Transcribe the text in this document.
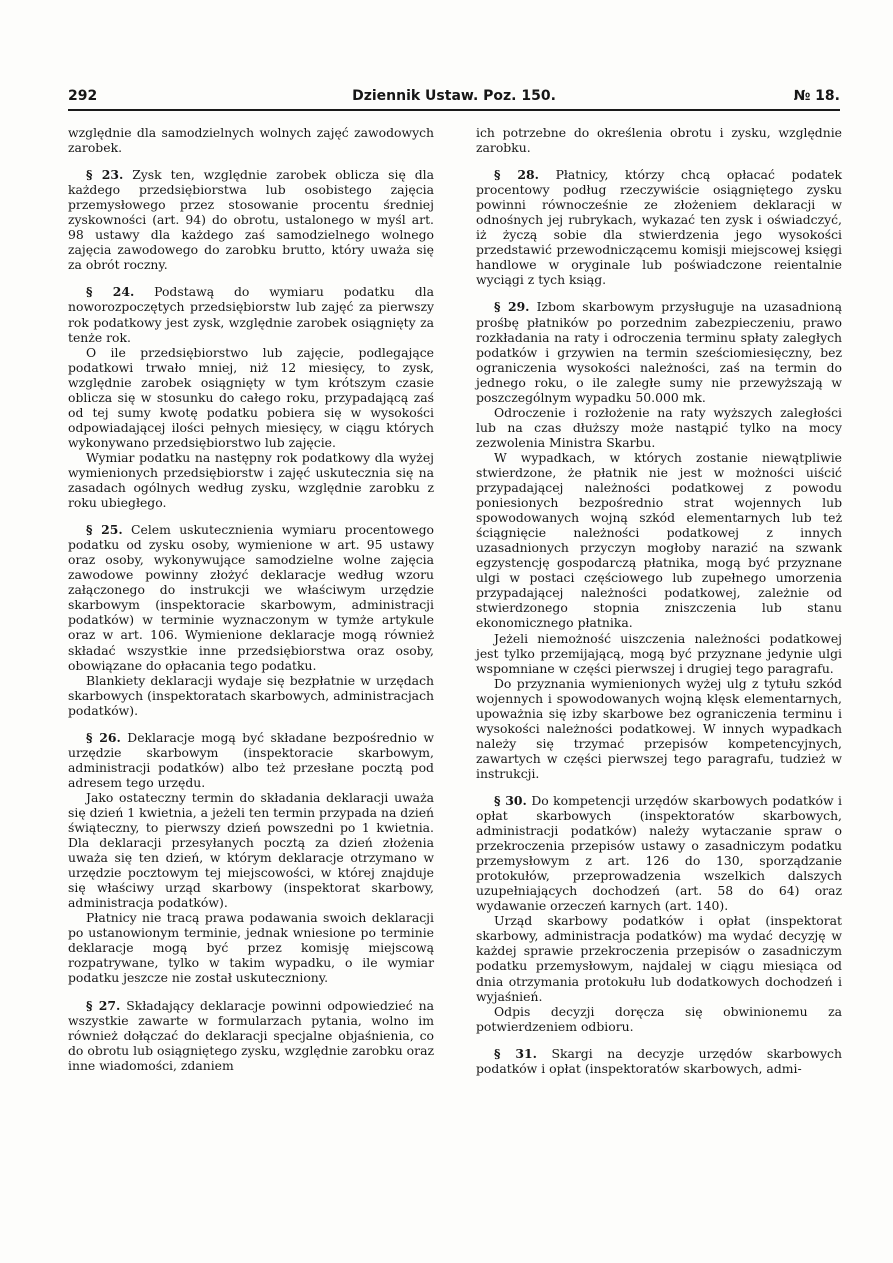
292	Dziennik Ustaw. Poz. 150.	№ 18.

względnie dla samodzielnych wolnych zajęć zawodowych zarobek.

§ 23. Zysk ten, względnie zarobek oblicza się dla każdego przedsiębiorstwa lub osobistego zajęcia przemysłowego przez stosowanie procentu średniej zyskowności (art. 94) do obrotu, ustalonego w myśl art. 98 ustawy dla każdego zaś samodzielnego wolnego zajęcia zawodowego do zarobku brutto, który uważa się za obrót roczny.

§ 24. Podstawą do wymiaru podatku dla noworozpoczętych przedsiębiorstw lub zajęć za pierwszy rok podatkowy jest zysk, względnie zarobek osiągnięty za tenże rok.

O ile przedsiębiorstwo lub zajęcie, podlegające podatkowi trwało mniej, niż 12 miesięcy, to zysk, względnie zarobek osiągnięty w tym krótszym czasie oblicza się w stosunku do całego roku, przypadającą zaś od tej sumy kwotę podatku pobiera się w wysokości odpowiadającej ilości pełnych miesięcy, w ciągu których wykonywano przedsiębiorstwo lub zajęcie.

Wymiar podatku na następny rok podatkowy dla wyżej wymienionych przedsiębiorstw i zajęć uskutecznia się na zasadach ogólnych według zysku, względnie zarobku z roku ubiegłego.

§ 25. Celem uskutecznienia wymiaru procentowego podatku od zysku osoby, wymienione w art. 95 ustawy oraz osoby, wykonywujące samodzielne wolne zajęcia zawodowe powinny złożyć deklaracje według wzoru załączonego do instrukcji we właściwym urzędzie skarbowym (inspektoracie skarbowym, administracji podatków) w terminie wyznaczonym w tymże artykule oraz w art. 106. Wymienione deklaracje mogą również składać wszystkie inne przedsiębiorstwa oraz osoby, obowiązane do opłacania tego podatku.

Blankiety deklaracji wydaje się bezpłatnie w urzędach skarbowych (inspektoratach skarbowych, administracjach podatków).

§ 26. Deklaracje mogą być składane bezpośrednio w urzędzie skarbowym (inspektoracie skarbowym, administracji podatków) albo też przesłane pocztą pod adresem tego urzędu.

Jako ostateczny termin do składania deklaracji uważa się dzień 1 kwietnia, a jeżeli ten termin przypada na dzień świąteczny, to pierwszy dzień powszedni po 1 kwietnia. Dla deklaracji przesyłanych pocztą za dzień złożenia uważa się ten dzień, w którym deklaracje otrzymano w urzędzie pocztowym tej miejscowości, w której znajduje się właściwy urząd skarbowy (inspektorat skarbowy, administracja podatków).

Płatnicy nie tracą prawa podawania swoich deklaracji po ustanowionym terminie, jednak wniesione po terminie deklaracje mogą być przez komisję miejscową rozpatrywane, tylko w takim wypadku, o ile wymiar podatku jeszcze nie został uskuteczniony.

§ 27. Składający deklaracje powinni odpowiedzieć na wszystkie zawarte w formularzach pytania, wolno im również dołączać do deklaracji specjalne objaśnienia, co do obrotu lub osiągniętego zysku, względnie zarobku oraz inne wiadomości, zdaniem

ich potrzebne do określenia obrotu i zysku, względnie zarobku.

§ 28. Płatnicy, którzy chcą opłacać podatek procentowy podług rzeczywiście osiągniętego zysku powinni równocześnie ze złożeniem deklaracji w odnośnych jej rubrykach, wykazać ten zysk i oświadczyć, iż życzą sobie dla stwierdzenia jego wysokości przedstawić przewodniczącemu komisji miejscowej księgi handlowe w oryginale lub poświadczone reientalnie wyciągi z tych ksiąg.

§ 29. Izbom skarbowym przysługuje na uzasadnioną prośbę płatników po porzednim zabezpieczeniu, prawo rozkładania na raty i odroczenia terminu spłaty zaległych podatków i grzywien na termin sześciomiesięczny, bez ograniczenia wysokości należności, zaś na termin do jednego roku, o ile zaległe sumy nie przewyższają w poszczególnym wypadku 50.000 mk.

Odroczenie i rozłożenie na raty wyższych zaległości lub na czas dłuższy może nastąpić tylko na mocy zezwolenia Ministra Skarbu.

W wypadkach, w których zostanie niewątpliwie stwierdzone, że płatnik nie jest w możności uiścić przypadającej należności podatkowej z powodu poniesionych bezpośrednio strat wojennych lub spowodowanych wojną szkód elementarnych lub też ściągnięcie należności podatkowej z innych uzasadnionych przyczyn mogłoby narazić na szwank egzystencję gospodarczą płatnika, mogą być przyznane ulgi w postaci częściowego lub zupełnego umorzenia przypadającej należności podatkowej, zależnie od stwierdzonego stopnia zniszczenia lub stanu ekonomicznego płatnika.

Jeżeli niemożność uiszczenia należności podatkowej jest tylko przemijającą, mogą być przyznane jedynie ulgi wspomniane w części pierwszej i drugiej tego paragrafu.

Do przyznania wymienionych wyżej ulg z tytułu szkód wojennych i spowodowanych wojną klęsk elementarnych, upoważnia się izby skarbowe bez ograniczenia terminu i wysokości należności podatkowej. W innych wypadkach należy się trzymać przepisów kompetencyjnych, zawartych w części pierwszej tego paragrafu, tudzież w instrukcji.

§ 30. Do kompetencji urzędów skarbowych podatków i opłat skarbowych (inspektoratów skarbowych, administracji podatków) należy wytaczanie spraw o przekroczenia przepisów ustawy o zasadniczym podatku przemysłowym z art. 126 do 130, sporządzanie protokułów, przeprowadzenia wszelkich dalszych uzupełniających dochodzeń (art. 58 do 64) oraz wydawanie orzeczeń karnych (art. 140).

Urząd skarbowy podatków i opłat (inspektorat skarbowy, administracja podatków) ma wydać decyzję w każdej sprawie przekroczenia przepisów o zasadniczym podatku przemysłowym, najdalej w ciągu miesiąca od dnia otrzymania protokułu lub dodatkowych dochodzeń i wyjaśnień.

Odpis decyzji doręcza się obwinionemu za potwierdzeniem odbioru.

§ 31. Skargi na decyzje urzędów skarbowych podatków i opłat (inspektoratów skarbowych, admi-
